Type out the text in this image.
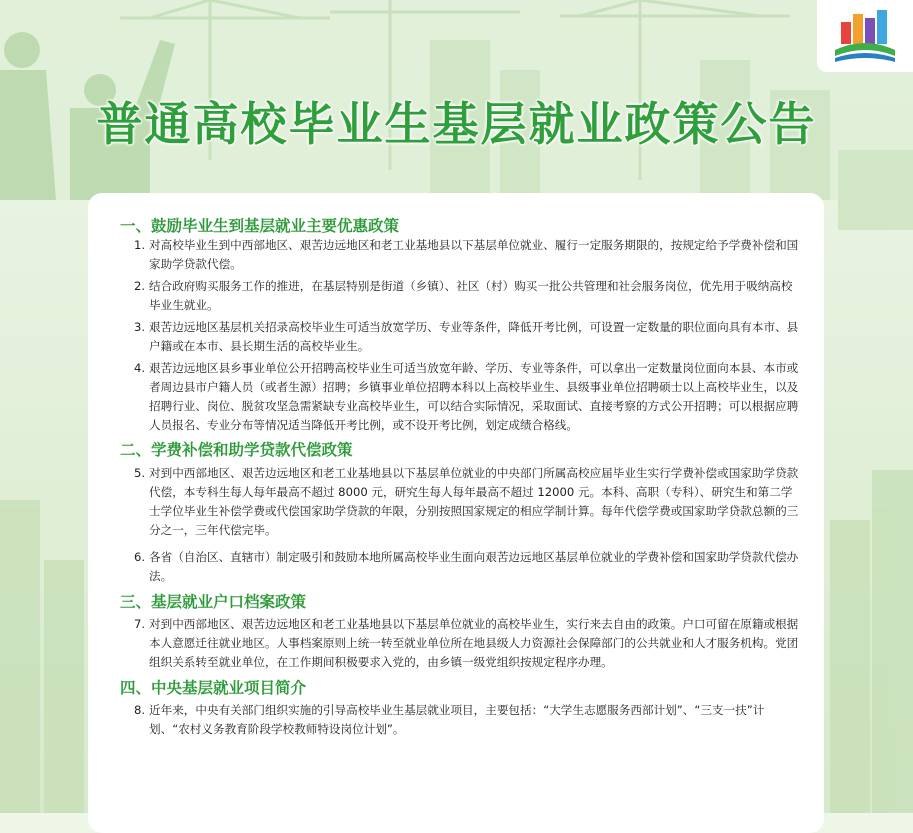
普通高校毕业生基层就业政策公告
一、鼓励毕业生到基层就业主要优惠政策
1. 对高校毕业生到中西部地区、艰苦边远地区和老工业基地县以下基层单位就业、履行一定服务期限的，按规定给予学费补偿和国家助学贷款代偿。
2. 结合政府购买服务工作的推进，在基层特别是街道（乡镇）、社区（村）购买一批公共管理和社会服务岗位，优先用于吸纳高校毕业生就业。
3. 艰苦边远地区基层机关招录高校毕业生可适当放宽学历、专业等条件，降低开考比例，可设置一定数量的职位面向具有本市、县户籍或在本市、县长期生活的高校毕业生。
4. 艰苦边远地区县乡事业单位公开招聘高校毕业生可适当放宽年龄、学历、专业等条件，可以拿出一定数量岗位面向本县、本市或者周边县市户籍人员（或者生源）招聘；乡镇事业单位招聘本科以上高校毕业生、县级事业单位招聘硕士以上高校毕业生，以及招聘行业、岗位、脱贫攻坚急需紧缺专业高校毕业生，可以结合实际情况，采取面试、直接考察的方式公开招聘；可以根据应聘人员报名、专业分布等情况适当降低开考比例，或不设开考比例，划定成绩合格线。
二、学费补偿和助学贷款代偿政策
5. 对到中西部地区、艰苦边远地区和老工业基地县以下基层单位就业的中央部门所属高校应届毕业生实行学费补偿或国家助学贷款代偿，本专科生每人每年最高不超过 8000 元，研究生每人每年最高不超过 12000 元。本科、高职（专科）、研究生和第二学士学位毕业生补偿学费或代偿国家助学贷款的年限，分别按照国家规定的相应学制计算。每年代偿学费或国家助学贷款总额的三分之一，三年代偿完毕。
6. 各省（自治区、直辖市）制定吸引和鼓励本地所属高校毕业生面向艰苦边远地区基层单位就业的学费补偿和国家助学贷款代偿办法。
三、基层就业户口档案政策
7. 对到中西部地区、艰苦边远地区和老工业基地县以下基层单位就业的高校毕业生，实行来去自由的政策。户口可留在原籍或根据本人意愿迁往就业地区。人事档案原则上统一转至就业单位所在地县级人力资源社会保障部门的公共就业和人才服务机构。党团组织关系转至就业单位，在工作期间积极要求入党的，由乡镇一级党组织按规定程序办理。
四、中央基层就业项目简介
8. 近年来，中央有关部门组织实施的引导高校毕业生基层就业项目，主要包括：“大学生志愿服务西部计划”、“三支一扶”计划、“农村义务教育阶段学校教师特设岗位计划”。
